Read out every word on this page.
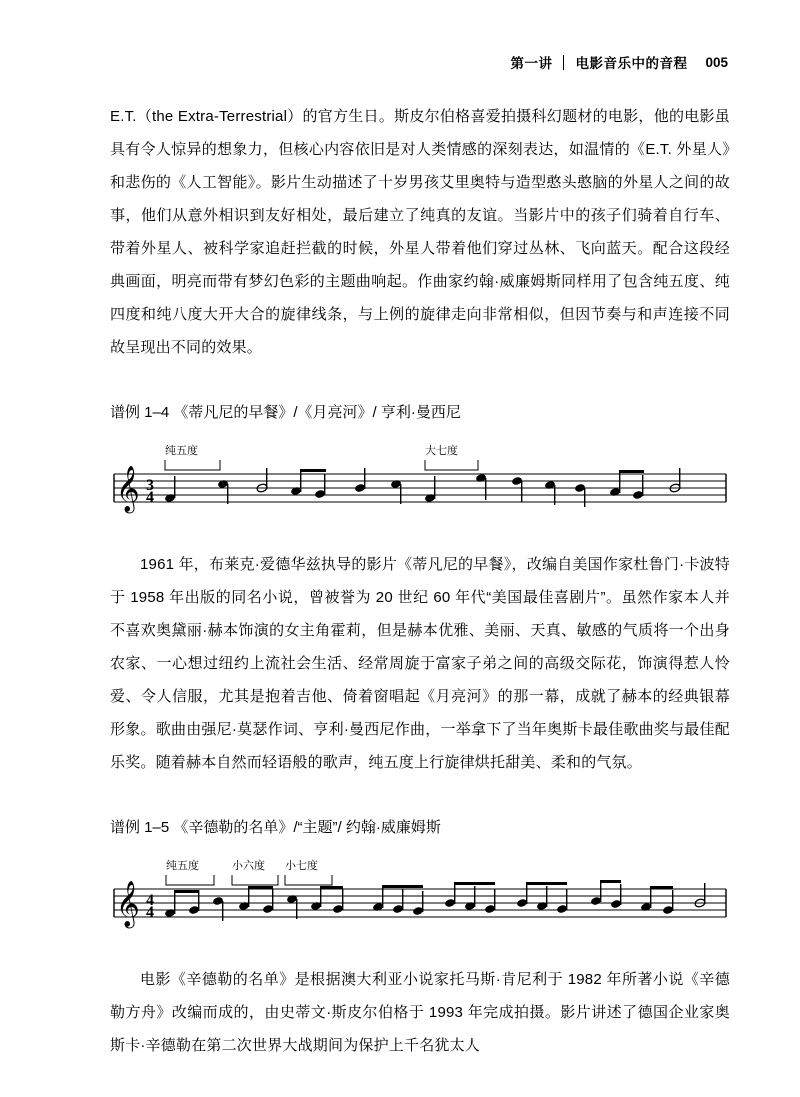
第一讲 电影音乐中的音程 005

E.T.（the Extra-Terrestrial）的官方生日。斯皮尔伯格喜爱拍摄科幻题材的电影，他的电影虽具有令人惊异的想象力，但核心内容依旧是对人类情感的深刻表达，如温情的《E.T. 外星人》和悲伤的《人工智能》。影片生动描述了十岁男孩艾里奥特与造型憨头憨脑的外星人之间的故事，他们从意外相识到友好相处，最后建立了纯真的友谊。当影片中的孩子们骑着自行车、带着外星人、被科学家追赶拦截的时候，外星人带着他们穿过丛林、飞向蓝天。配合这段经典画面，明亮而带有梦幻色彩的主题曲响起。作曲家约翰·威廉姆斯同样用了包含纯五度、纯四度和纯八度大开大合的旋律线条，与上例的旋律走向非常相似，但因节奏与和声连接不同故呈现出不同的效果。

谱例 1–4 《蒂凡尼的早餐》/《月亮河》/ 亨利·曼西尼

纯五度	大七度
𝄞 3
4

1961 年，布莱克·爱德华兹执导的影片《蒂凡尼的早餐》，改编自美国作家杜鲁门·卡波特于 1958 年出版的同名小说，曾被誉为 20 世纪 60 年代“美国最佳喜剧片”。虽然作家本人并不喜欢奥黛丽·赫本饰演的女主角霍莉，但是赫本优雅、美丽、天真、敏感的气质将一个出身农家、一心想过纽约上流社会生活、经常周旋于富家子弟之间的高级交际花，饰演得惹人怜爱、令人信服，尤其是抱着吉他、倚着窗唱起《月亮河》的那一幕，成就了赫本的经典银幕形象。歌曲由强尼·莫瑟作词、亨利·曼西尼作曲，一举拿下了当年奥斯卡最佳歌曲奖与最佳配乐奖。随着赫本自然而轻语般的歌声，纯五度上行旋律烘托甜美、柔和的气氛。

谱例 1–5 《辛德勒的名单》/“主题”/ 约翰·威廉姆斯

纯五度	小六度 小七度
𝄞 4
4

电影《辛德勒的名单》是根据澳大利亚小说家托马斯·肯尼利于 1982 年所著小说《辛德勒方舟》改编而成的，由史蒂文·斯皮尔伯格于 1993 年完成拍摄。影片讲述了德国企业家奥斯卡·辛德勒在第二次世界大战期间为保护上千名犹太人
